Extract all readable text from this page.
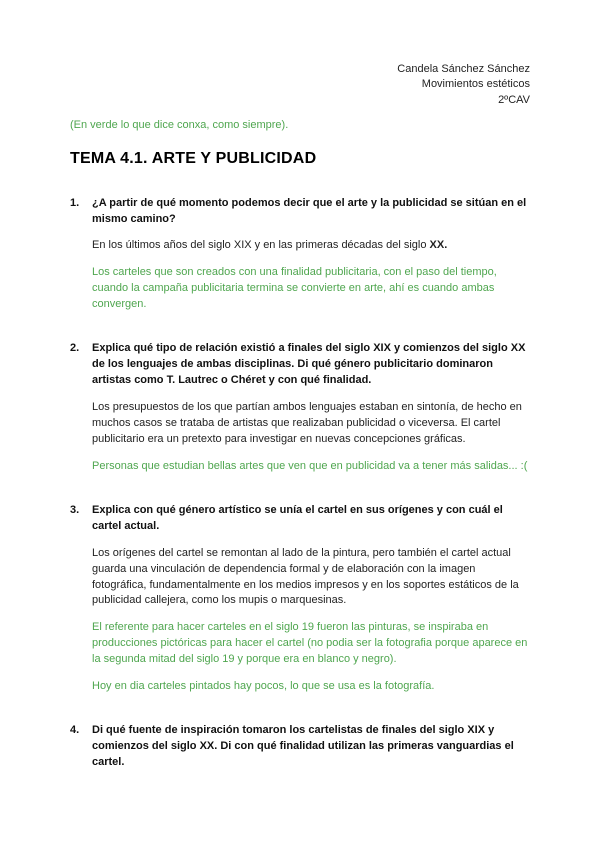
Candela Sánchez Sánchez
Movimientos estéticos
2ºCAV
(En verde lo que dice conxa, como siempre).
TEMA 4.1. ARTE Y PUBLICIDAD
1.	¿A partir de qué momento podemos decir que el arte y la publicidad se sitúan en el mismo camino?

En los últimos años del siglo XIX y en las primeras décadas del siglo XX.

Los carteles que son creados con una finalidad publicitaria, con el paso del tiempo, cuando la campaña publicitaria termina se convierte en arte, ahí es cuando ambas convergen.

2.	Explica qué tipo de relación existió a finales del siglo XIX y comienzos del siglo XX de los lenguajes de ambas disciplinas. Di qué género publicitario dominaron artistas como T. Lautrec o Chéret y con qué finalidad.

Los presupuestos de los que partían ambos lenguajes estaban en sintonía, de hecho en muchos casos se trataba de artistas que realizaban publicidad o viceversa. El cartel publicitario era un pretexto para investigar en nuevas concepciones gráficas.

Personas que estudian bellas artes que ven que en publicidad va a tener más salidas... :(

3.	Explica con qué género artístico se unía el cartel en sus orígenes y con cuál el cartel actual.

Los orígenes del cartel se remontan al lado de la pintura, pero también el cartel actual guarda una vinculación de dependencia formal y de elaboración con la imagen fotográfica, fundamentalmente en los medios impresos y en los soportes estáticos de la publicidad callejera, como los mupis o marquesinas.

El referente para hacer carteles en el siglo 19 fueron las pinturas, se inspiraba en producciones pictóricas para hacer el cartel (no podia ser la fotografia porque aparece en la segunda mitad del siglo 19 y porque era en blanco y negro).

Hoy en dia carteles pintados hay pocos, lo que se usa es la fotografía.

4.	Di qué fuente de inspiración tomaron los cartelistas de finales del siglo XIX y comienzos del siglo XX. Di con qué finalidad utilizan las primeras vanguardias el cartel.
